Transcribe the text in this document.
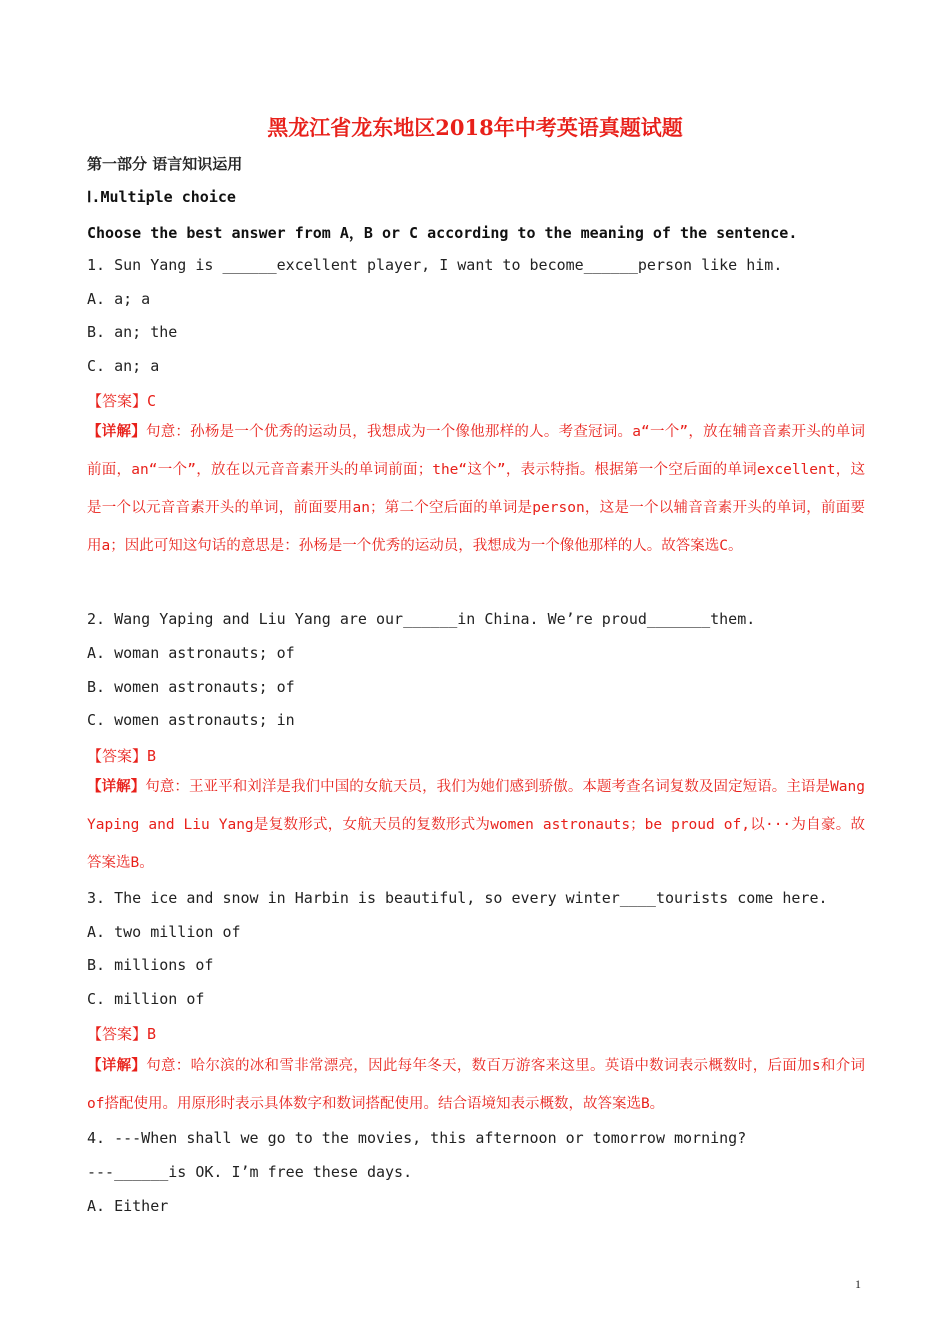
黑龙江省龙东地区2018年中考英语真题试题
第一部分 语言知识运用
Ⅰ.Multiple choice
Choose the best answer from A，B or C according to the meaning of the sentence.
1. Sun Yang is ______excellent player, I want to become______person like him.
A. a; a
B. an; the
C. an; a
【答案】C
【详解】句意：孙杨是一个优秀的运动员，我想成为一个像他那样的人。考查冠词。a“一个”，放在辅音音素开头的单词前面，an“一个”，放在以元音音素开头的单词前面；the“这个”，表示特指。根据第一个空后面的单词excellent，这是一个以元音音素开头的单词，前面要用an；第二个空后面的单词是person，这是一个以辅音音素开头的单词，前面要用a；因此可知这句话的意思是：孙杨是一个优秀的运动员，我想成为一个像他那样的人。故答案选C。
2. Wang Yaping and Liu Yang are our______in China. We’re proud_______them.
A. woman astronauts; of
B. women astronauts; of
C. women astronauts; in
【答案】B
【详解】句意：王亚平和刘洋是我们中国的女航天员，我们为她们感到骄傲。本题考查名词复数及固定短语。主语是Wang Yaping and Liu Yang是复数形式，女航天员的复数形式为women astronauts；be proud of,以···为自豪。故答案选B。
3. The ice and snow in Harbin is beautiful, so every winter____tourists come here.
A. two million of
B. millions of
C. million of
【答案】B
【详解】句意：哈尔滨的冰和雪非常漂亮，因此每年冬天，数百万游客来这里。英语中数词表示概数时，后面加s和介词of搭配使用。用原形时表示具体数字和数词搭配使用。结合语境知表示概数，故答案选B。
4. ---When shall we go to the movies, this afternoon or tomorrow morning?
---______is OK. I’m free these days.
A. Either
1
